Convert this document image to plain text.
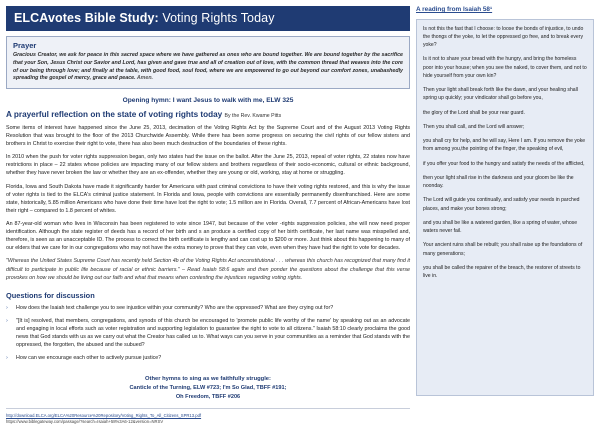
ELCAvotes Bible Study: Voting Rights Today
Prayer
Gracious Creator, we ask for peace in this sacred space where we have gathered as ones who are bound together. We are bound together by the sacrifice that your Son, Jesus Christ our Savior and Lord, has given and gave true and all of creation out of love, with the common thread that weaves into the core of our being through love; and finally at the table, with good food, soul food, where we are empowered to go out beyond our comfort zones, unabashedly spreading the gospel of mercy, grace and peace. Amen.
Opening hymn: I want Jesus to walk with me, ELW 325
A prayerful reflection on the state of voting rights today By the Rev. Kwame Pitts

Some items of interest have happened since the June 25, 2013, decimation of the Voting Rights Act by the Supreme Court and of the August 2013 Voting Rights Resolution that was brought to the floor of the 2013 Churchwide Assembly. While there has been some progress on securing the civil rights of our fellow sisters and brothers in Christ to exercise their right to vote, there has also been much destruction of the boundaries of these rights.

In 2010 when the push for voter rights suppression began, only two states had the issue on the ballot. After the June 25, 2013, repeal of voter rights, 22 states now have restrictions in place – 22 states whose policies are impacting many of our fellow sisters and brothers regardless of their socio-economic, cultural or ethnic background, whether they have never broken the law or whether they are an ex-offender, whether they are young or old, working, stay at home or struggling.

Florida, Iowa and South Dakota have made it significantly harder for Americans with past criminal convictions to have their voting rights restored, and this is why the issue of voter rights is tied to the ELCA's criminal justice statement. In Florida and Iowa, people with convictions are essentially permanently disenfranchised. Here are some state, historically, 5.85 million Americans who have done their time have lost the right to vote; 1.5 million are in Florida. Overall, 7.7 percent of African-Americans have lost their right – compared to 1.8 percent of whites.

An 87-year-old woman who lives in Wisconsin has been registered to vote since 1947, but because of the voter -rights suppression policies, she will now need proper identification. Although the state register of deeds has a record of her birth and s an produce a certified copy of her birth certificate, her last name was misspelled and, therefore, is seen as an unacceptable ID. The process to correct the birth certificate is lengthy and can cost up to $200 or more. Just think about this happening to many of our elders that we care for in our congregations who may not have the extra money to prove that they can vote, even when they have had the right to vote for decades.

"Whereas the United States Supreme Court has recently held Section 4b of the Voting Rights Act unconstitutional . . . whereas this church has recognized that many find it difficult to participate in public life because of racial or ethnic barriers." – Read Isaiah 58:6 again and then ponder the questions about the challenge that this verse provokes on how we should be living out our faith and what that means when contesting the injustices regarding voting rights.

Questions for discussion
› How does the Isaiah text challenge you to see injustice within your community? Who are the oppressed? What are they crying out for?
› "[It is] resolved, that members, congregations, and synods of this church be encouraged to 'promote public life worthy of the name' by speaking out as an advocate and engaging in local efforts such as voter registration and supporting legislation to guarantee the right to vote to all citizens." Isaiah 58:10 clearly proclaims the good news that God stands with us as we carry out what the Creator has called us to. What ways can you serve in your communities as a reminder that God stands with the oppressed, the forgotten, the abused and the subued?
› How can we encourage each other to actively pursue justice?
Other hymns to sing as we faithfully struggle:
Canticle of the Turning, ELW #723; I'm So Glad, TBFF #191;
Oh Freedom, TBFF #206
http://download.ELCA.org/ELCA%20Resource%20Repository/Voting_Rights_To_All_Citizens_SPR13.pdf
https://www.biblegateway.com/passage/?search=Isaiah+58%3A6-12&version=NRSV
A reading from Isaiah 58¹

Is not this the fast that I choose: to loose the bonds of injustice, to undo the thongs of the yoke, to let the oppressed go free, and to break every yoke?

Is it not to share your bread with the hungry, and bring the homeless poor into your house; when you see the naked, to cover them, and not to hide yourself from your own kin?

Then your light shall break forth like the dawn, and your healing shall spring up quickly; your vindicator shall go before you,

the glory of the Lord shall be your rear guard.

Then you shall call, and the Lord will answer;

you shall cry for help, and he will say, Here I am. If you remove the yoke from among you,the pointing of the finger, the speaking of evil,

if you offer your food to the hungry and satisfy the needs of the afflicted,

then your light shall rise in the darkness and your gloom be like the noonday.

The Lord will guide you continually, and satisfy your needs in parched places, and make your bones strong;

and you shall be like a watered garden, like a spring of water, whose waters never fail.

Your ancient ruins shall be rebuilt; you shall raise up the foundations of many generations;

you shall be called the repairer of the breach, the restorer of streets to live in.
